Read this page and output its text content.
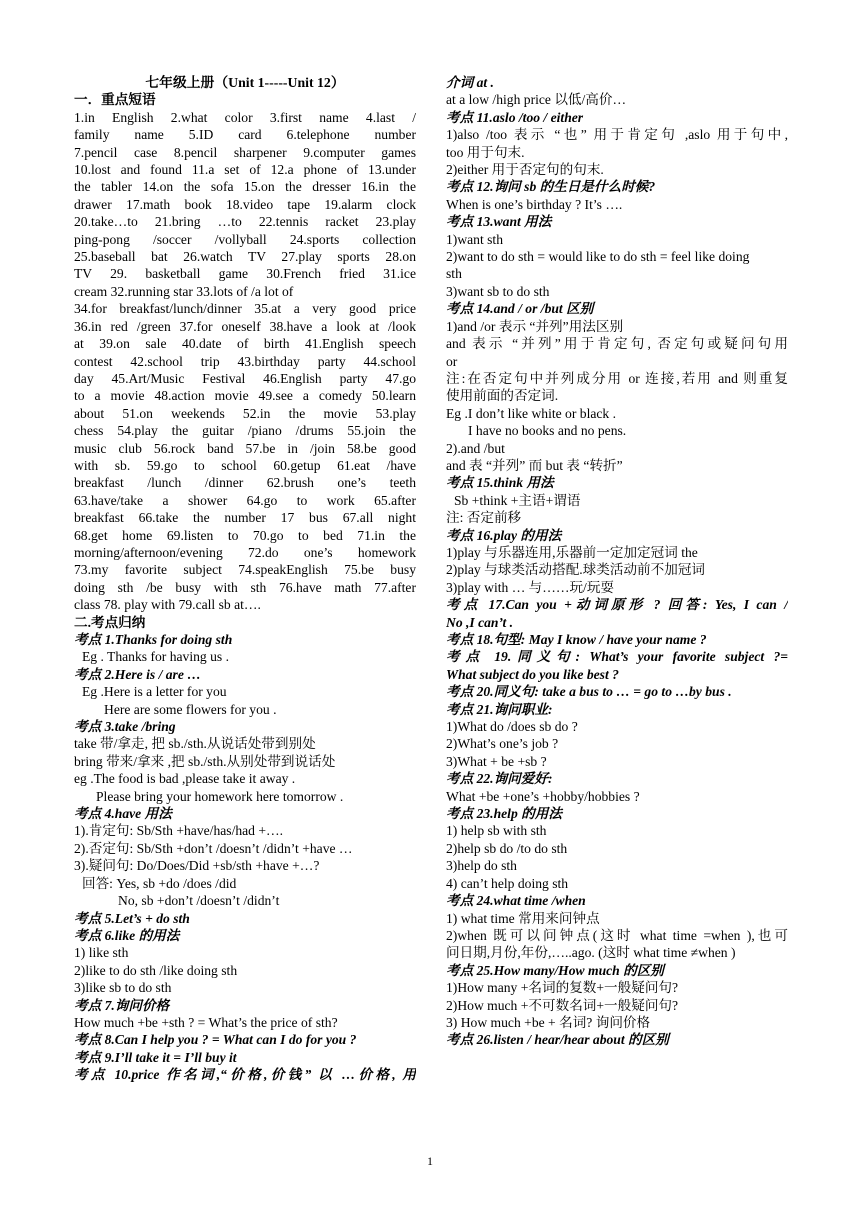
七年级上册（Unit 1-----Unit 12）
一．重点短语
1.in English 2.what color 3.first name 4.last /
family name 5.ID card 6.telephone number
7.pencil case 8.pencil sharpener 9.computer games
10.lost and found 11.a set of 12.a phone of 13.under
the tabler 14.on the sofa 15.on the dresser 16.in the
drawer 17.math book 18.video tape 19.alarm clock
20.take…to 21.bring …to 22.tennis racket 23.play
ping-pong /soccer /vollyball 24.sports collection
25.baseball bat 26.watch TV 27.play sports 28.on
TV 29. basketball game 30.French fried 31.ice
cream 32.running star 33.lots of /a lot of
34.for breakfast/lunch/dinner 35.at a very good price
36.in red /green 37.for oneself 38.have a look at /look
at 39.on sale 40.date of birth 41.English speech
contest 42.school trip 43.birthday party 44.school
day 45.Art/Music Festival 46.English party 47.go
to a movie 48.action movie 49.see a comedy 50.learn
about 51.on weekends 52.in the movie 53.play
chess 54.play the guitar /piano /drums 55.join the
music club 56.rock band 57.be in /join 58.be good
with sb. 59.go to school 60.getup 61.eat /have
breakfast /lunch /dinner 62.brush one’s teeth
63.have/take a shower 64.go to work 65.after
breakfast 66.take the number 17 bus 67.all night
68.get home 69.listen to 70.go to bed 71.in the
morning/afternoon/evening 72.do one’s homework
73.my favorite subject 74.speakEnglish 75.be busy
doing sth /be busy with sth 76.have math 77.after
class 78. play with 79.call sb at….
二.考点归纳
考点 1.Thanks for doing sth
Eg . Thanks for having us .
考点 2.Here is / are …
Eg .Here is a letter for you
Here are some flowers for you .
考点 3.take /bring
take 带/拿走, 把 sb./sth.从说话处带到别处
bring 带来/拿来 ,把 sb./sth.从别处带到说话处
eg .The food is bad ,please take it away .
Please bring your homework here tomorrow .
考点 4.have 用法
1).肯定句: Sb/Sth +have/has/had +….
2).否定句: Sb/Sth +don’t /doesn’t /didn’t +have …
3).疑问句: Do/Does/Did +sb/sth +have +…?
回答: Yes, sb +do /does /did
No, sb +don’t /doesn’t /didn’t
考点 5.Let’s + do sth
考点 6.like 的用法
1) like sth
2)like to do sth /like doing sth
3)like sb to do sth
考点 7.询问价格
How much +be +sth ? = What’s the price of sth?
考点 8.Can I help you ? = What can I do for you ?
考点 9.I’ll take it = I’ll buy it
考点 10.price 作名词,“价格,价钱” 以 …价格, 用
介词 at .
at a low /high price 以低/高价…
考点 11.aslo /too / either
1)also /too 表示 “也” 用于肯定句 ,aslo 用于句中,
too 用于句末.
2)either 用于否定句的句末.
考点 12.询问 sb 的生日是什么时候?
When is one’s birthday ? It’s ….
考点 13.want 用法
1)want sth
2)want to do sth = would like to do sth = feel like doing
sth
3)want sb to do sth
考点 14.and / or /but 区别
1)and /or 表示 “并列”用法区别
and 表示 “并列”用于肯定句, 否定句或疑问句用
or
注:在否定句中并列成分用 or 连接,若用 and 则重复
使用前面的否定词.
Eg .I don’t like white or black .
I have no books and no pens.
2).and /but
and 表 “并列” 而 but 表 “转折”
考点 15.think 用法
Sb +think +主语+谓语
注: 否定前移
考点 16.play 的用法
1)play 与乐器连用,乐器前一定加定冠词 the
2)play 与球类活动搭配.球类活动前不加冠词
3)play with … 与……玩/玩耍
考点 17.Can you +动词原形 ? 回答: Yes, I can /
No ,I can’t .
考点 18.句型: May I know / have your name ?
考点 19.同义句: What’s your favorite subject ?=
What subject do you like best ?
考点 20.同义句: take a bus to … = go to …by bus .
考点 21.询问职业:
1)What do /does sb do ?
2)What’s one’s job ?
3)What + be +sb ?
考点 22.询问爱好:
What +be +one’s +hobby/hobbies ?
考点 23.help 的用法
1) help sb with sth
2)help sb do /to do sth
3)help do sth
4) can’t help doing sth
考点 24.what time /when
1) what time 常用来问钟点
2)when 既可以问钟点(这时 what time =when ),也可
问日期,月份,年份,…..ago. (这时 what time ≠when )
考点 25.How many/How much 的区别
1)How many +名词的复数+一般疑问句?
2)How much +不可数名词+一般疑问句?
3) How much +be + 名词? 询问价格
考点 26.listen / hear/hear about 的区别
1
